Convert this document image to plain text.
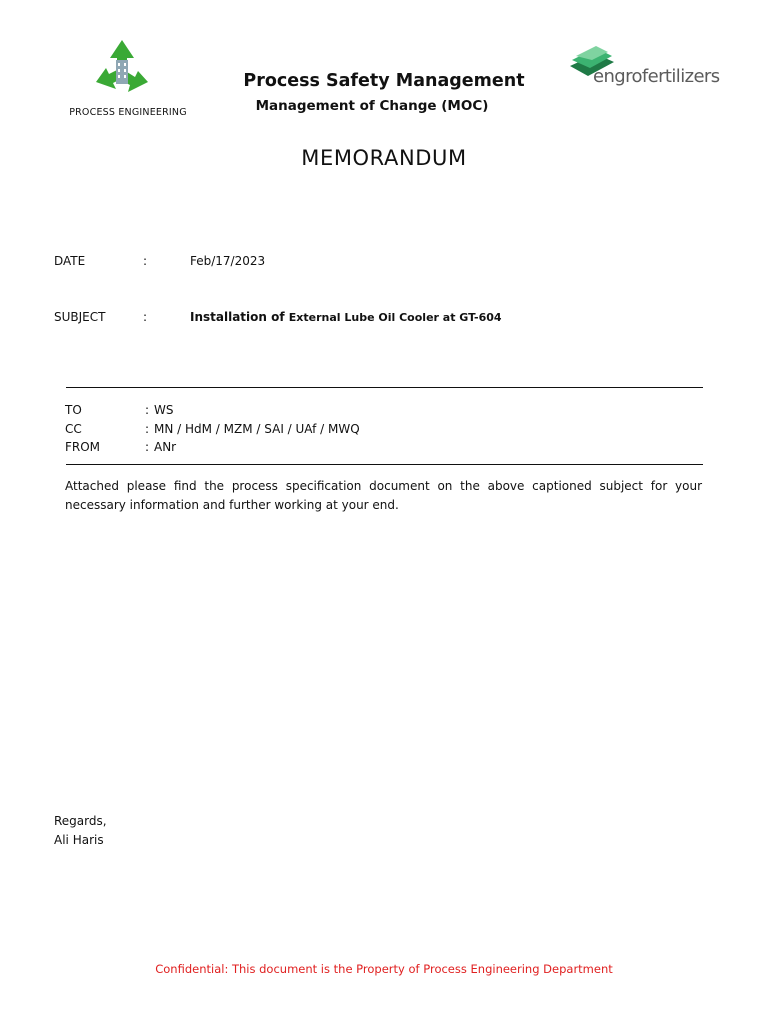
PROCESS ENGINEERING
Process Safety Management
Management of Change (MOC)
engrofertilizers
MEMORANDUM
DATE	:	Feb/17/2023
SUBJECT	:	Installation of External Lube Oil Cooler at GT-604
TO	: WS
CC	: MN / HdM / MZM / SAI / UAf / MWQ
FROM	: ANr
Attached please find the process specification document on the above captioned subject for your necessary information and further working at your end.
Regards,
Ali Haris
Confidential: This document is the Property of Process Engineering Department
